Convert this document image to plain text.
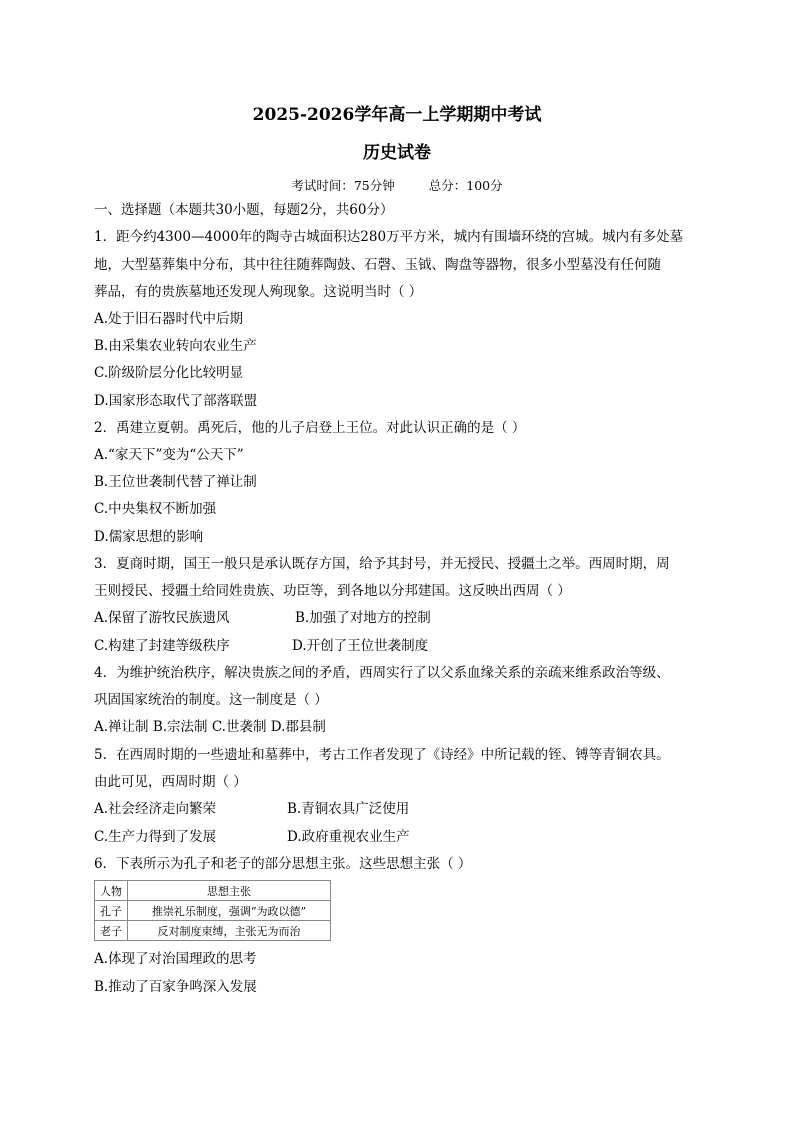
2025-2026学年高一上学期期中考试
历史试卷
考试时间：75分钟	总分：100分
一、选择题（本题共30小题，每题2分，共60分）
1．距今约4300—4000年的陶寺古城面积达280万平方米，城内有围墙环绕的宫城。城内有多处墓
地，大型墓葬集中分布，其中往往随葬陶鼓、石磬、玉钺、陶盘等器物，很多小型墓没有任何随
葬品，有的贵族墓地还发现人殉现象。这说明当时（ ）
A.处于旧石器时代中后期
B.由采集农业转向农业生产
C.阶级阶层分化比较明显
D.国家形态取代了部落联盟
2．禹建立夏朝。禹死后，他的儿子启登上王位。对此认识正确的是（ ）
A.“家天下”变为“公天下”
B.王位世袭制代替了禅让制
C.中央集权不断加强
D.儒家思想的影响
3．夏商时期，国王一般只是承认既存方国，给予其封号，并无授民、授疆土之举。西周时期，周
王则授民、授疆土给同姓贵族、功臣等，到各地以分邦建国。这反映出西周（ ）
A.保留了游牧民族遗风	B.加强了对地方的控制
C.构建了封建等级秩序	D.开创了王位世袭制度
4．为维护统治秩序，解决贵族之间的矛盾，西周实行了以父系血缘关系的亲疏来维系政治等级、
巩固国家统治的制度。这一制度是（ ）
A.禅让制 B.宗法制 C.世袭制 D.郡县制
5．在西周时期的一些遗址和墓葬中，考古工作者发现了《诗经》中所记载的铚、镈等青铜农具。
由此可见，西周时期（ ）
A.社会经济走向繁荣	B.青铜农具广泛使用
C.生产力得到了发展	D.政府重视农业生产
6．下表所示为孔子和老子的部分思想主张。这些思想主张（ ）
人物	思想主张
孔子	推崇礼乐制度，强调“为政以德”
老子	反对制度束缚，主张无为而治
A.体现了对治国理政的思考
B.推动了百家争鸣深入发展
